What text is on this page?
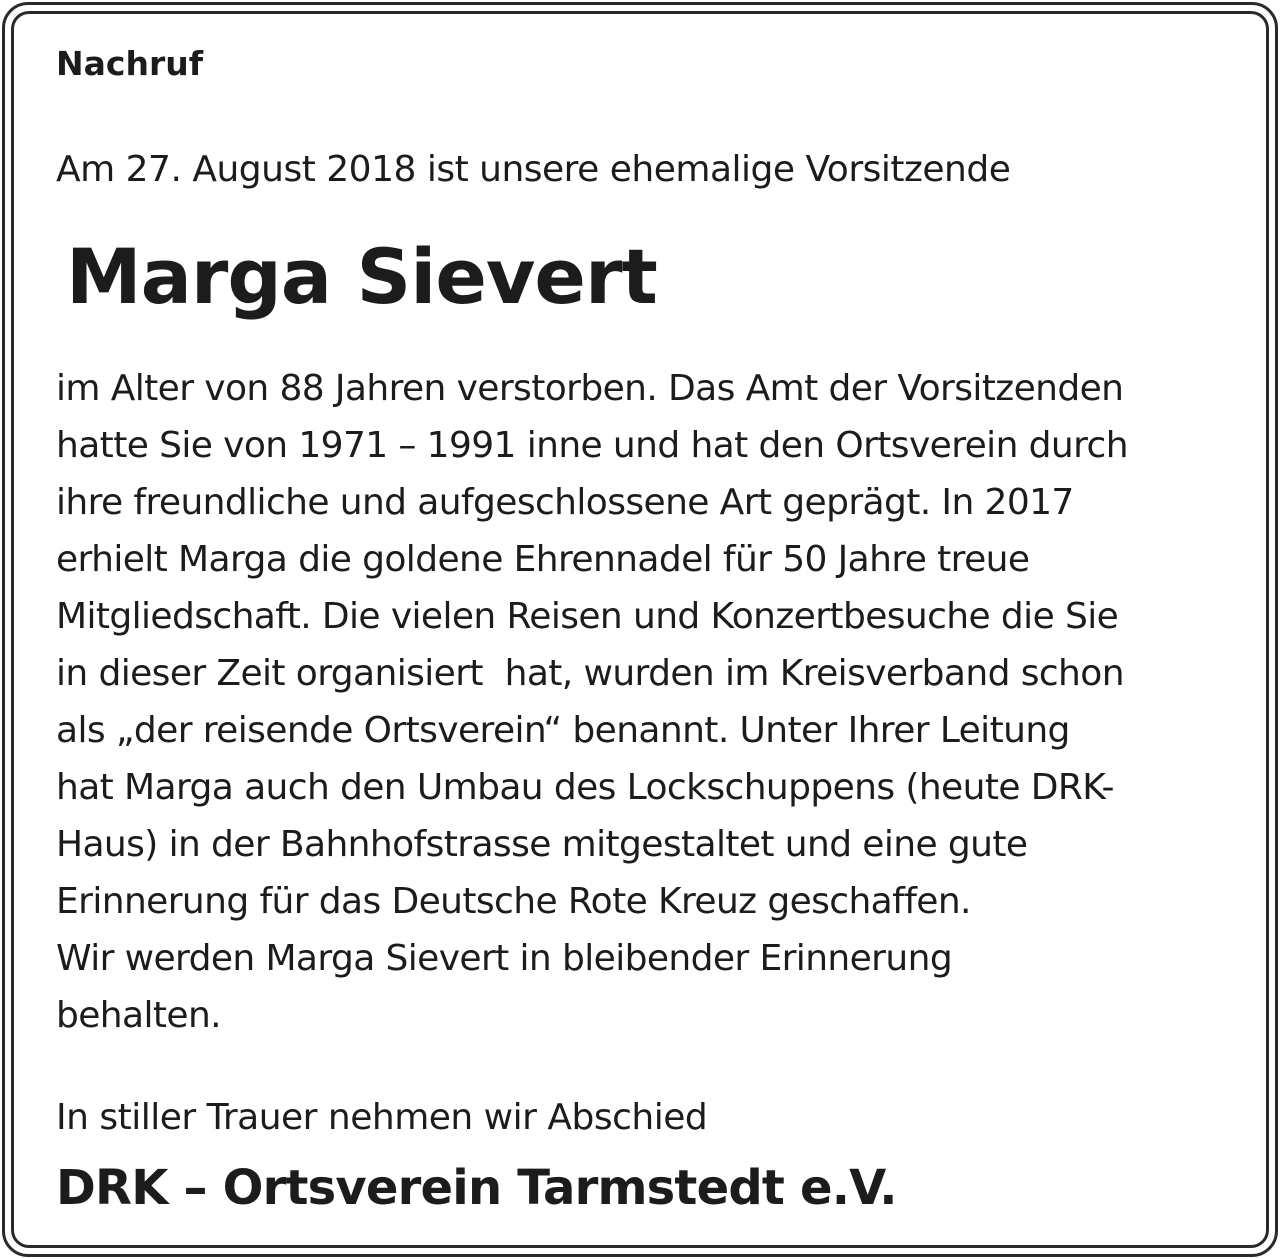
Nachruf
Am 27. August 2018 ist unsere ehemalige Vorsitzende
Marga Sievert
im Alter von 88 Jahren verstorben. Das Amt der Vorsitzenden
hatte Sie von 1971 – 1991 inne und hat den Ortsverein durch
ihre freundliche und aufgeschlossene Art geprägt. In 2017
erhielt Marga die goldene Ehrennadel für 50 Jahre treue
Mitgliedschaft. Die vielen Reisen und Konzertbesuche die Sie
in dieser Zeit organisiert  hat, wurden im Kreisverband schon
als „der reisende Ortsverein“ benannt. Unter Ihrer Leitung
hat Marga auch den Umbau des Lockschuppens (heute DRK-
Haus) in der Bahnhofstrasse mitgestaltet und eine gute
Erinnerung für das Deutsche Rote Kreuz geschaffen.
Wir werden Marga Sievert in bleibender Erinnerung
behalten.
In stiller Trauer nehmen wir Abschied
DRK – Ortsverein Tarmstedt e.V.
